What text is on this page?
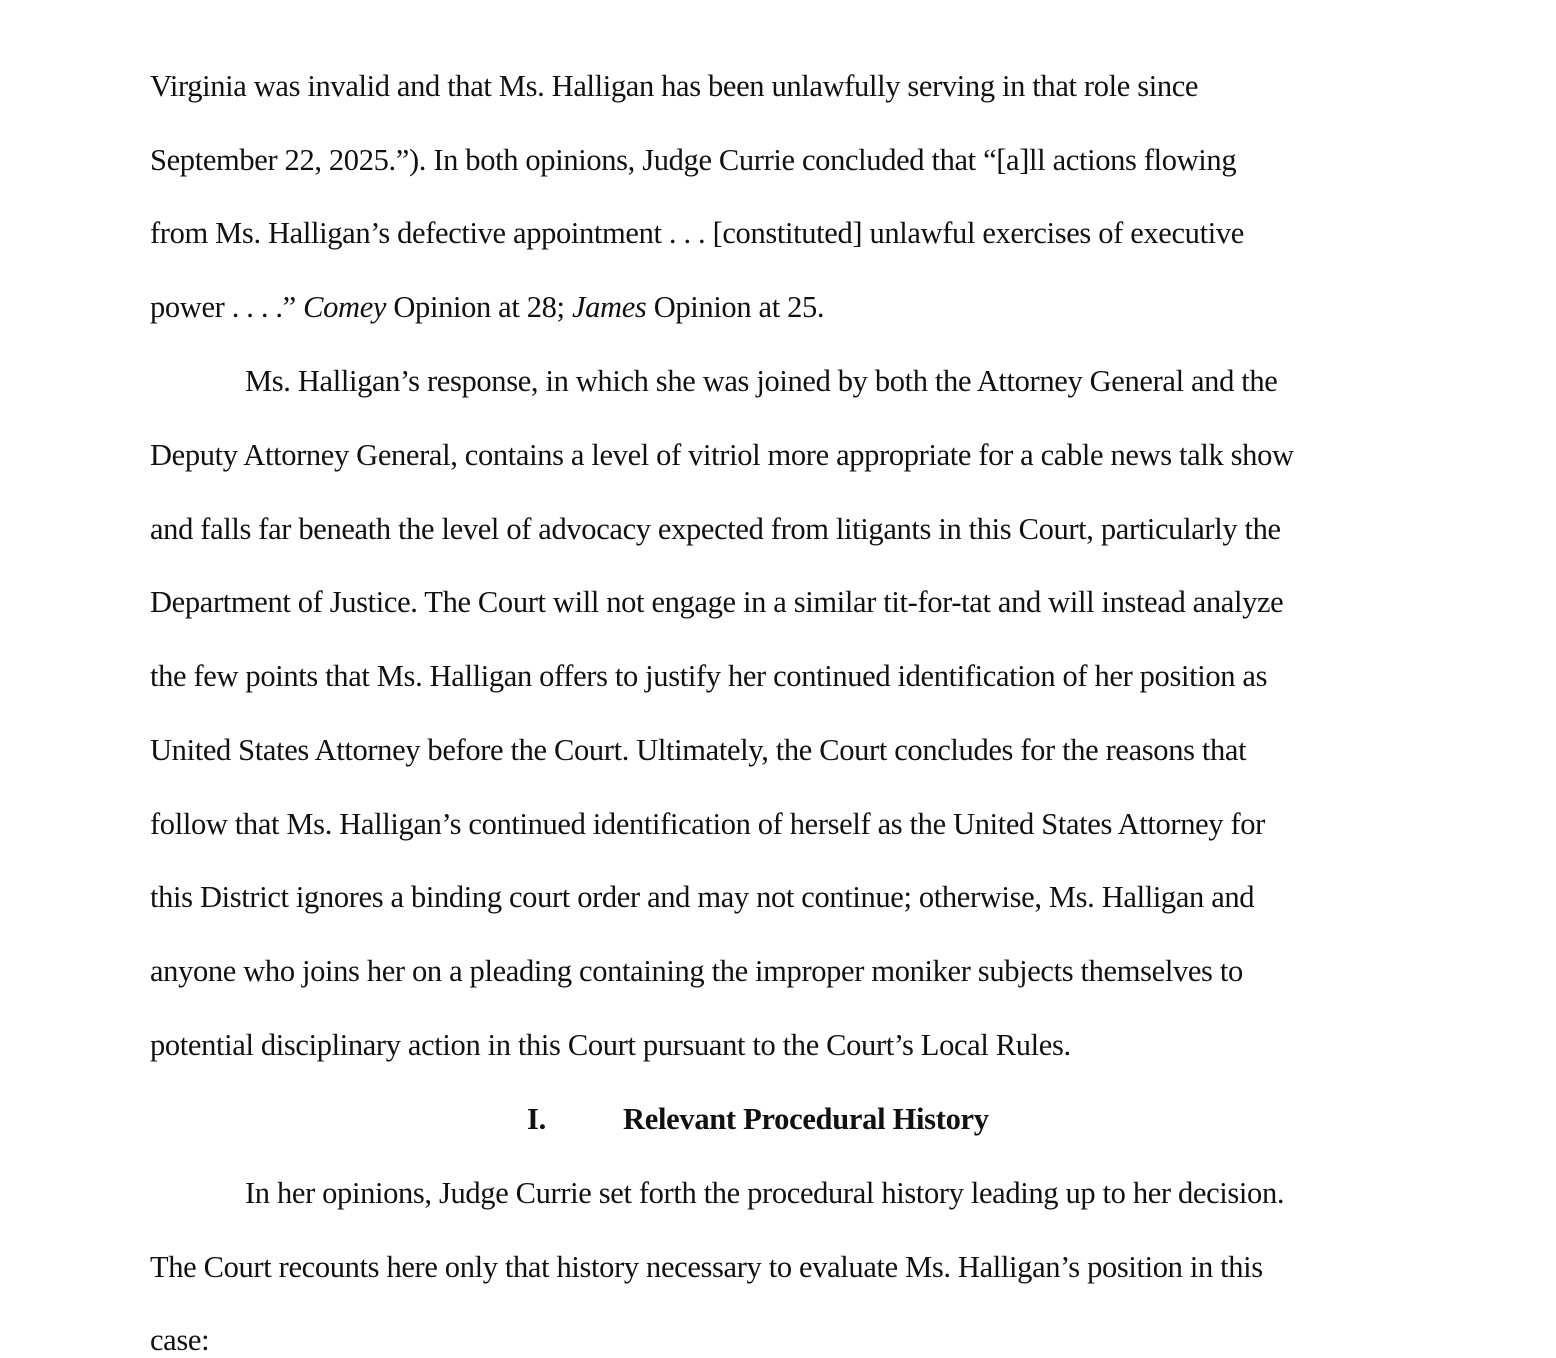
Virginia was invalid and that Ms. Halligan has been unlawfully serving in that role since
September 22, 2025.”). In both opinions, Judge Currie concluded that “[a]ll actions flowing
from Ms. Halligan’s defective appointment . . . [constituted] unlawful exercises of executive
power . . . .” Comey Opinion at 28; James Opinion at 25.
Ms. Halligan’s response, in which she was joined by both the Attorney General and the
Deputy Attorney General, contains a level of vitriol more appropriate for a cable news talk show
and falls far beneath the level of advocacy expected from litigants in this Court, particularly the
Department of Justice. The Court will not engage in a similar tit-for-tat and will instead analyze
the few points that Ms. Halligan offers to justify her continued identification of her position as
United States Attorney before the Court. Ultimately, the Court concludes for the reasons that
follow that Ms. Halligan’s continued identification of herself as the United States Attorney for
this District ignores a binding court order and may not continue; otherwise, Ms. Halligan and
anyone who joins her on a pleading containing the improper moniker subjects themselves to
potential disciplinary action in this Court pursuant to the Court’s Local Rules.
I.	Relevant Procedural History
In her opinions, Judge Currie set forth the procedural history leading up to her decision.
The Court recounts here only that history necessary to evaluate Ms. Halligan’s position in this
case:
